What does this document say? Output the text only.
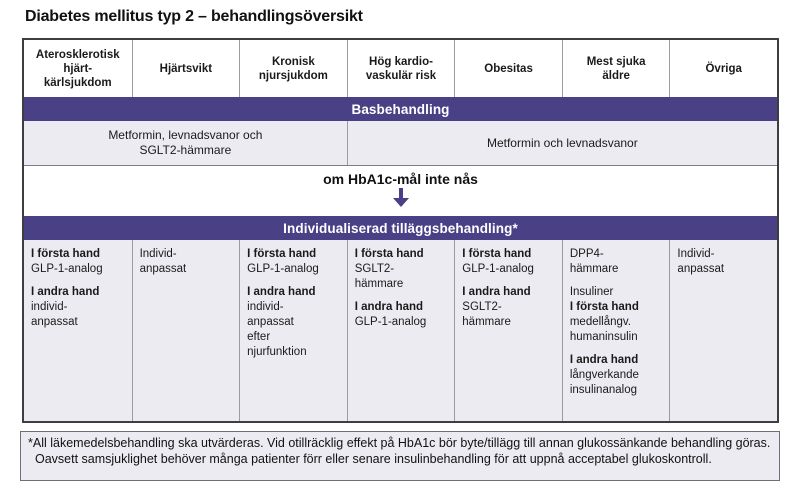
Diabetes mellitus typ 2 – behandlingsöversikt
Aterosklerotisk
hjärt-
kärlsjukdom
Hjärtsvikt
Kronisk
njursjukdom
Hög kardio-
vaskulär risk
Obesitas
Mest sjuka
äldre
Övriga
Basbehandling
Metformin, levnadsvanor och
SGLT2-hämmare
Metformin och levnadsvanor
om HbA1c-mål inte nås
Individualiserad tilläggsbehandling*
I första hand
GLP-1-analog
I andra hand
individ-
anpassat
Individ-
anpassat
I första hand
GLP-1-analog
I andra hand
individ-
anpassat
efter
njurfunktion
I första hand
SGLT2-
hämmare
I andra hand
GLP-1-analog
I första hand
GLP-1-analog
I andra hand
SGLT2-
hämmare
DPP4-
hämmare
Insuliner
I första hand
medellångv.
humaninsulin
I andra hand
långverkande
insulinanalog
Individ-
anpassat
*All läkemedelsbehandling ska utvärderas. Vid otillräcklig effekt på HbA1c bör byte/tillägg till annan glukossänkande behandling göras. Oavsett samsjuklighet behöver många patienter förr eller senare insulinbehandling för att uppnå acceptabel glukoskontroll.
